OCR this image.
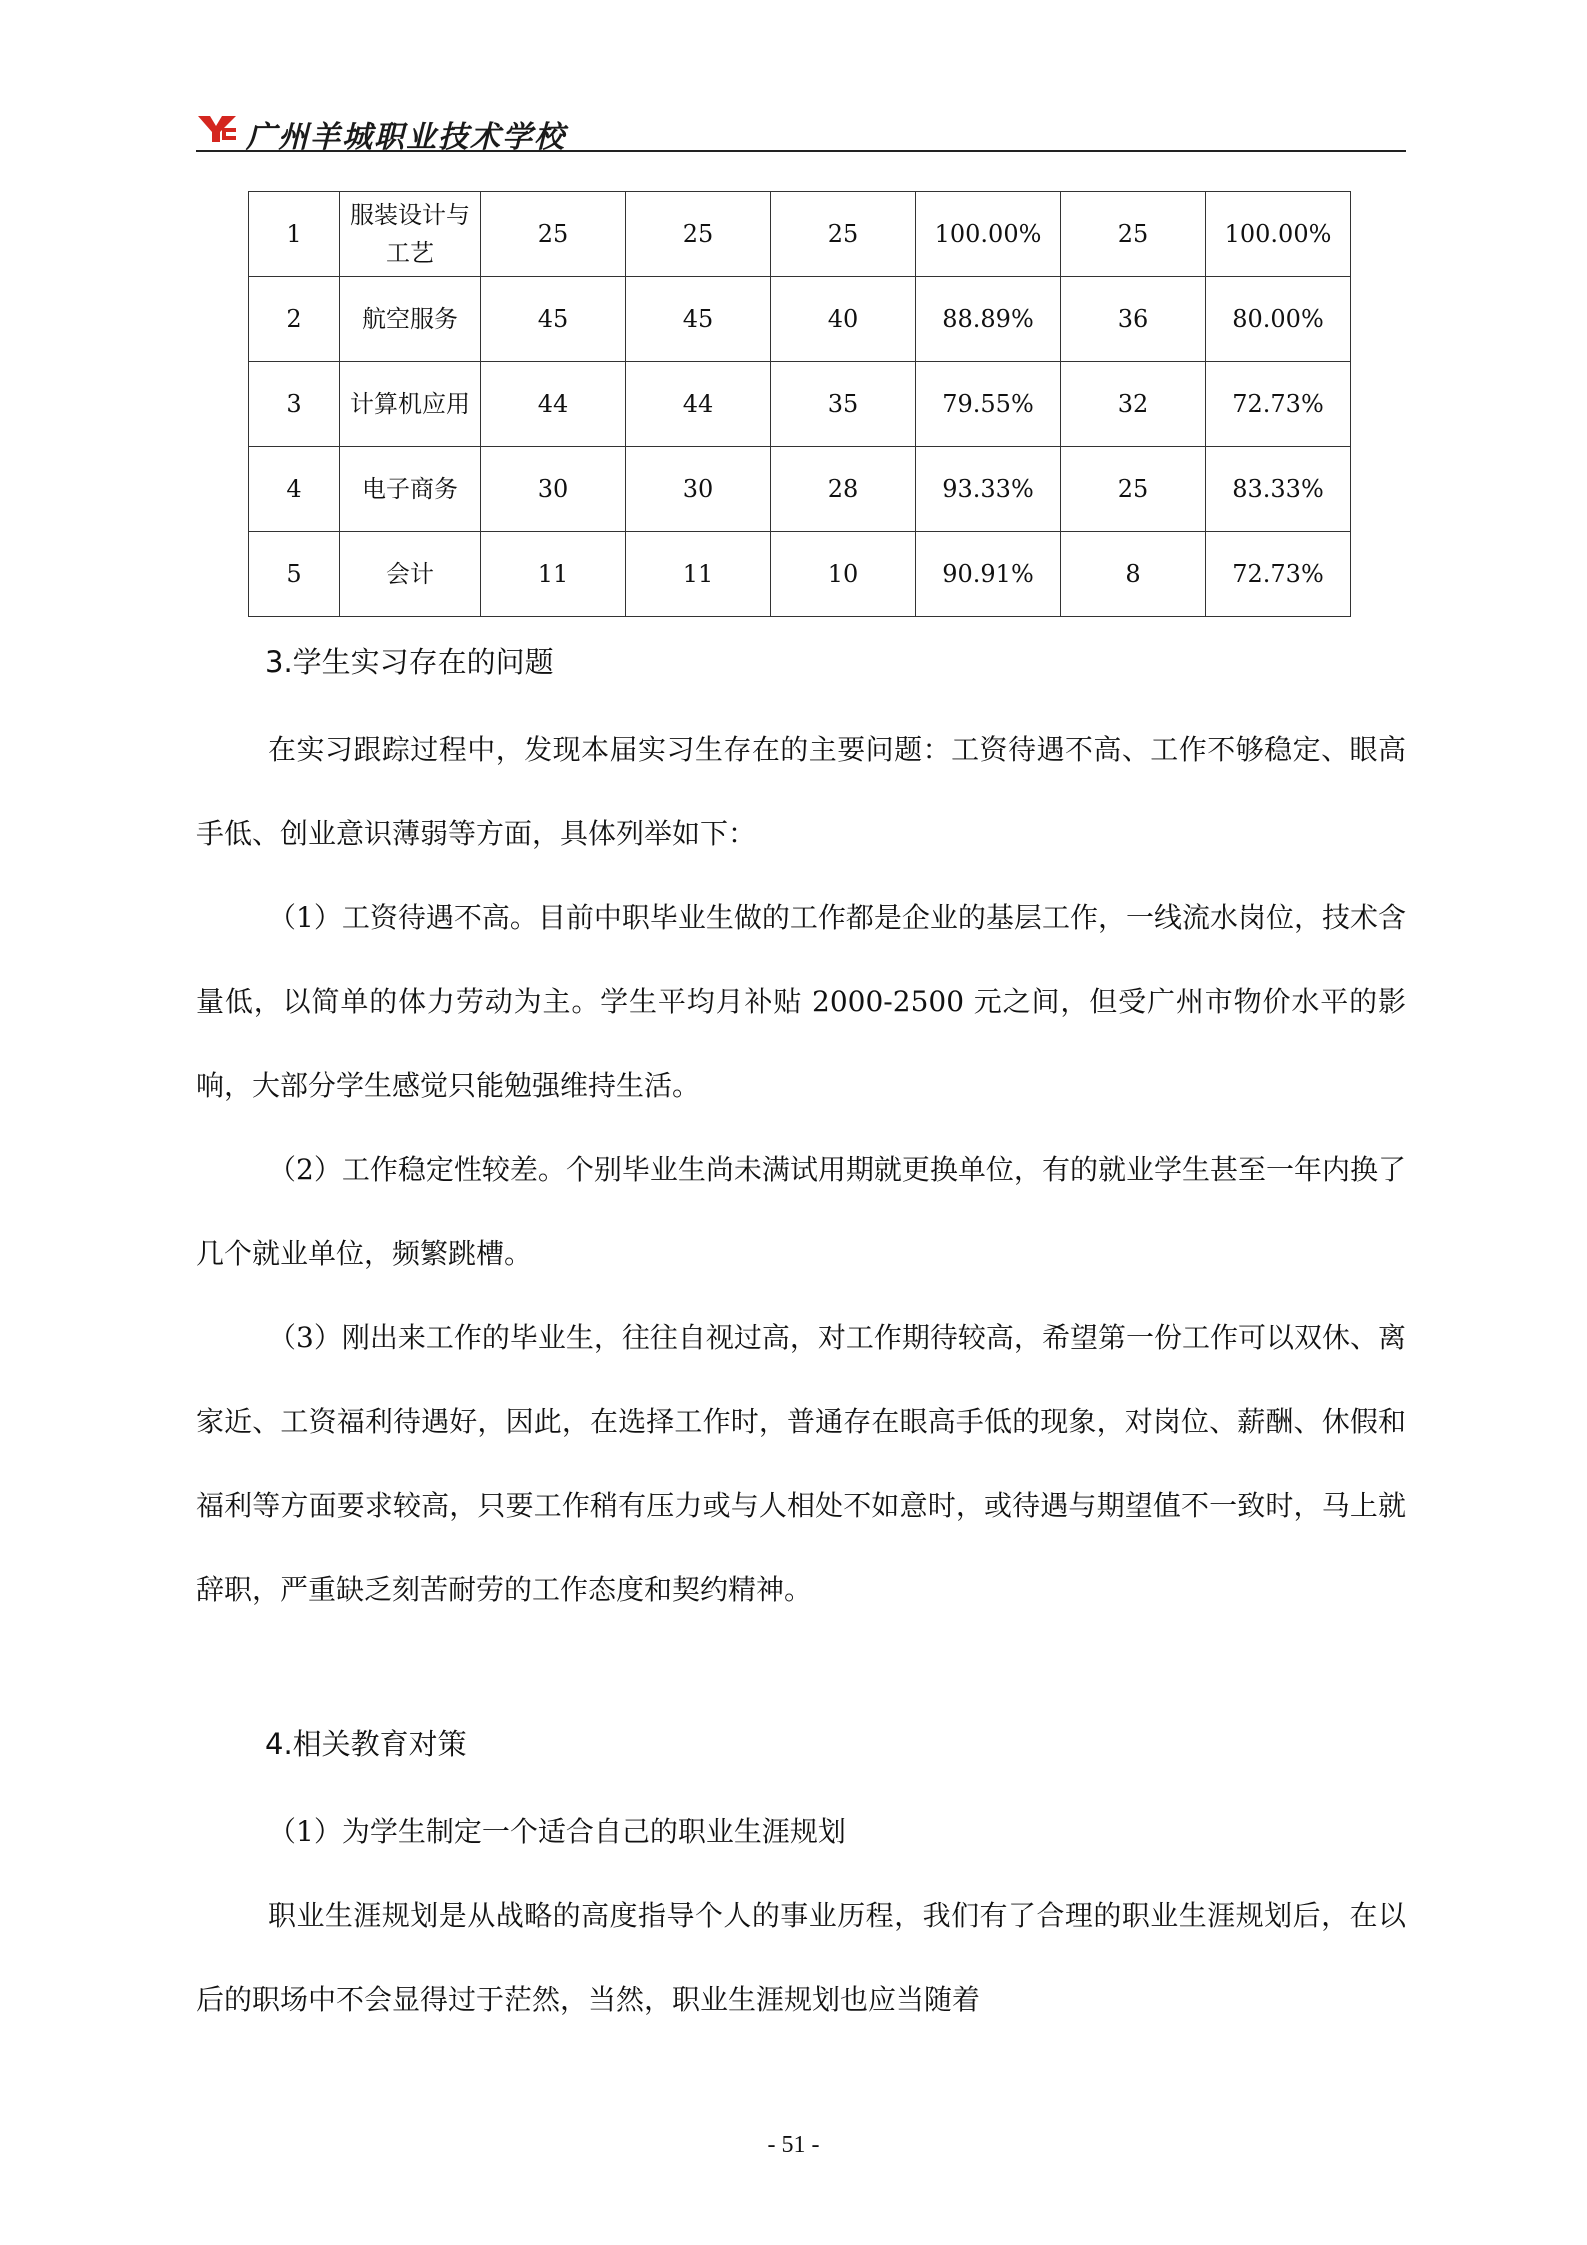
广州羊城职业技术学校
1	服装设计与工艺	25	25	25	100.00%	25	100.00%
2	航空服务	45	45	40	88.89%	36	80.00%
3	计算机应用	44	44	35	79.55%	32	72.73%
4	电子商务	30	30	28	93.33%	25	83.33%
5	会计	11	11	10	90.91%	8	72.73%
3.学生实习存在的问题
在实习跟踪过程中，发现本届实习生存在的主要问题：工资待遇不高、工作不够稳定、眼高手低、创业意识薄弱等方面，具体列举如下：
（1）工资待遇不高。目前中职毕业生做的工作都是企业的基层工作，一线流水岗位，技术含量低，以简单的体力劳动为主。学生平均月补贴 2000-2500 元之间，但受广州市物价水平的影响，大部分学生感觉只能勉强维持生活。
（2）工作稳定性较差。个别毕业生尚未满试用期就更换单位，有的就业学生甚至一年内换了几个就业单位，频繁跳槽。
（3）刚出来工作的毕业生，往往自视过高，对工作期待较高，希望第一份工作可以双休、离家近、工资福利待遇好，因此，在选择工作时，普通存在眼高手低的现象，对岗位、薪酬、休假和福利等方面要求较高，只要工作稍有压力或与人相处不如意时，或待遇与期望值不一致时，马上就辞职，严重缺乏刻苦耐劳的工作态度和契约精神。
4.相关教育对策
（1）为学生制定一个适合自己的职业生涯规划
职业生涯规划是从战略的高度指导个人的事业历程，我们有了合理的职业生涯规划后，在以后的职场中不会显得过于茫然，当然，职业生涯规划也应当随着
- 51 -
